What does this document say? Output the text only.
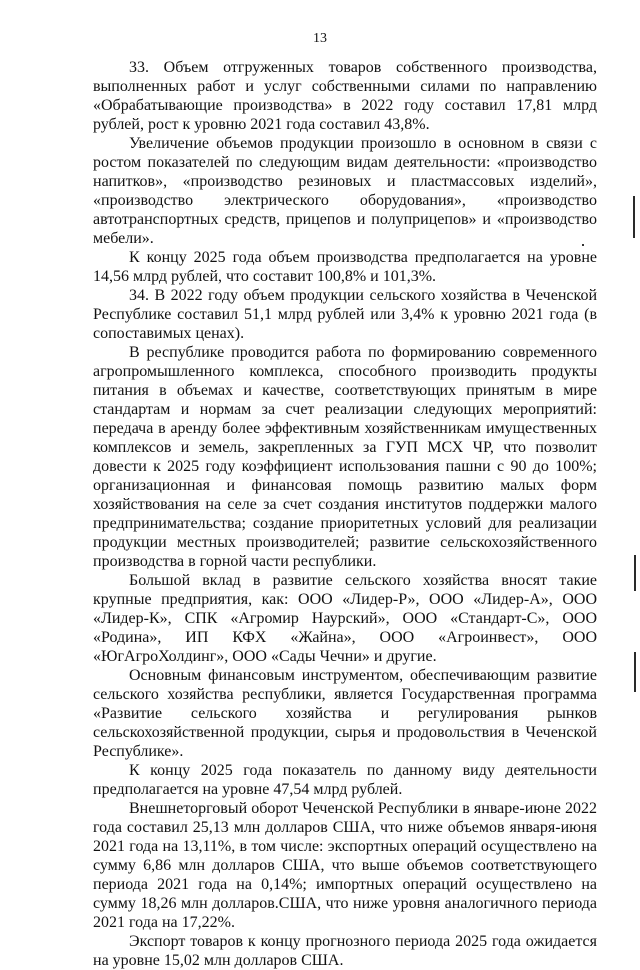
13

33. Объем отгруженных товаров собственного производства, выполненных работ и услуг собственными силами по направлению «Обрабатывающие производства» в 2022 году составил 17,81 млрд рублей, рост к уровню 2021 года составил 43,8%.

Увеличение объемов продукции произошло в основном в связи с ростом показателей по следующим видам деятельности: «производство напитков», «производство резиновых и пластмассовых изделий», «производство электрического оборудования», «производство автотранспортных средств, прицепов и полуприцепов» и «производство мебели».

К концу 2025 года объем производства предполагается на уровне 14,56 млрд рублей, что составит 100,8% и 101,3%.

34. В 2022 году объем продукции сельского хозяйства в Чеченской Республике составил 51,1 млрд рублей или 3,4% к уровню 2021 года (в сопоставимых ценах).

В республике проводится работа по формированию современного агропромышленного комплекса, способного производить продукты питания в объемах и качестве, соответствующих принятым в мире стандартам и нормам за счет реализации следующих мероприятий: передача в аренду более эффективным хозяйственникам имущественных комплексов и земель, закрепленных за ГУП МСХ ЧР, что позволит довести к 2025 году коэффициент использования пашни с 90 до 100%; организационная и финансовая помощь развитию малых форм хозяйствования на селе за счет создания институтов поддержки малого предпринимательства; создание приоритетных условий для реализации продукции местных производителей; развитие сельскохозяйственного производства в горной части республики.

Большой вклад в развитие сельского хозяйства вносят такие крупные предприятия, как: ООО «Лидер-Р», ООО «Лидер-А», ООО «Лидер-К», СПК «Агромир Наурский», ООО «Стандарт-С», ООО «Родина», ИП КФХ «Жайна», ООО «Агроинвест», ООО «ЮгАгроХолдинг», ООО «Сады Чечни» и другие.

Основным финансовым инструментом, обеспечивающим развитие сельского хозяйства республики, является Государственная программа «Развитие сельского хозяйства и регулирования рынков сельскохозяйственной продукции, сырья и продовольствия в Чеченской Республике».

К концу 2025 года показатель по данному виду деятельности предполагается на уровне 47,54 млрд рублей.

Внешнеторговый оборот Чеченской Республики в январе-июне 2022 года составил 25,13 млн долларов США, что ниже объемов января-июня 2021 года на 13,11%, в том числе: экспортных операций осуществлено на сумму 6,86 млн долларов США, что выше объемов соответствующего периода 2021 года на 0,14%; импортных операций осуществлено на сумму 18,26 млн долларов.США, что ниже уровня аналогичного периода 2021 года на 17,22%.

Экспорт товаров к концу прогнозного периода 2025 года ожидается на уровне 15,02 млн долларов США.
